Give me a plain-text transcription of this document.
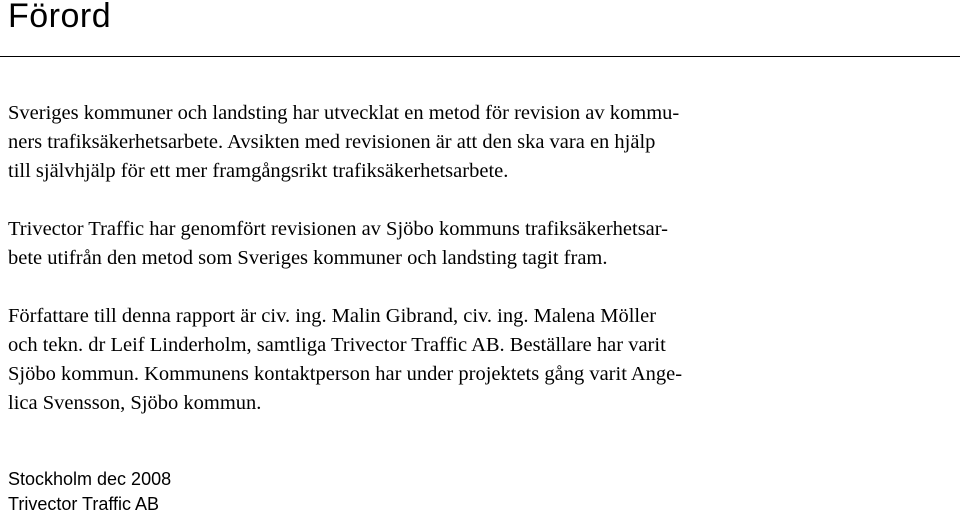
Förord

Sveriges kommuner och landsting har utvecklat en metod för revision av kommu-
ners trafiksäkerhetsarbete. Avsikten med revisionen är att den ska vara en hjälp
till självhjälp för ett mer framgångsrikt trafiksäkerhetsarbete.

Trivector Traffic har genomfört revisionen av Sjöbo kommuns trafiksäkerhetsar-
bete utifrån den metod som Sveriges kommuner och landsting tagit fram.

Författare till denna rapport är civ. ing. Malin Gibrand, civ. ing. Malena Möller
och tekn. dr Leif Linderholm, samtliga Trivector Traffic AB. Beställare har varit
Sjöbo kommun. Kommunens kontaktperson har under projektets gång varit Ange-
lica Svensson, Sjöbo kommun.

Stockholm dec 2008
Trivector Traffic AB
